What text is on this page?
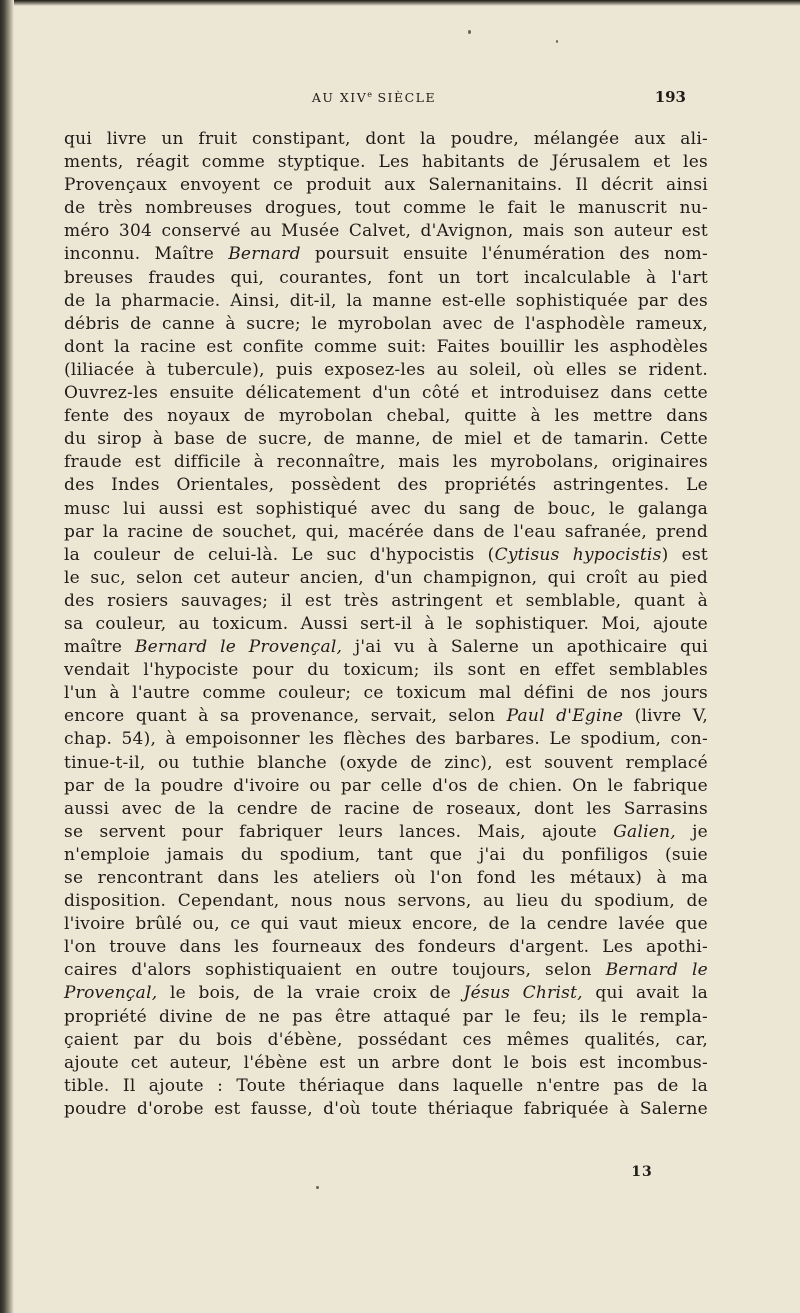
AU XIVe SIÈCLE	193
qui livre un fruit constipant, dont la poudre, mélangée aux ali-
ments, réagit comme styptique. Les habitants de Jérusalem et les
Provençaux envoyent ce produit aux Salernanitains. Il décrit ainsi
de très nombreuses drogues, tout comme le fait le manuscrit nu-
méro 304 conservé au Musée Calvet, d'Avignon, mais son auteur est
inconnu. Maître Bernard poursuit ensuite l'énumération des nom-
breuses fraudes qui, courantes, font un tort incalculable à l'art
de la pharmacie. Ainsi, dit-il, la manne est-elle sophistiquée par des
débris de canne à sucre; le myrobolan avec de l'asphodèle rameux,
dont la racine est confite comme suit: Faites bouillir les asphodèles
(liliacée à tubercule), puis exposez-les au soleil, où elles se rident.
Ouvrez-les ensuite délicatement d'un côté et introduisez dans cette
fente des noyaux de myrobolan chebal, quitte à les mettre dans
du sirop à base de sucre, de manne, de miel et de tamarin. Cette
fraude est difficile à reconnaître, mais les myrobolans, originaires
des Indes Orientales, possèdent des propriétés astringentes. Le
musc lui aussi est sophistiqué avec du sang de bouc, le galanga
par la racine de souchet, qui, macérée dans de l'eau safranée, prend
la couleur de celui-là. Le suc d'hypocistis (Cytisus hypocistis) est
le suc, selon cet auteur ancien, d'un champignon, qui croît au pied
des rosiers sauvages; il est très astringent et semblable, quant à
sa couleur, au toxicum. Aussi sert-il à le sophistiquer. Moi, ajoute
maître Bernard le Provençal, j'ai vu à Salerne un apothicaire qui
vendait l'hypociste pour du toxicum; ils sont en effet semblables
l'un à l'autre comme couleur; ce toxicum mal défini de nos jours
encore quant à sa provenance, servait, selon Paul d'Egine (livre V,
chap. 54), à empoisonner les flèches des barbares. Le spodium, con-
tinue-t-il, ou tuthie blanche (oxyde de zinc), est souvent remplacé
par de la poudre d'ivoire ou par celle d'os de chien. On le fabrique
aussi avec de la cendre de racine de roseaux, dont les Sarrasins
se servent pour fabriquer leurs lances. Mais, ajoute Galien, je
n'emploie jamais du spodium, tant que j'ai du ponfiligos (suie
se rencontrant dans les ateliers où l'on fond les métaux) à ma
disposition. Cependant, nous nous servons, au lieu du spodium, de
l'ivoire brûlé ou, ce qui vaut mieux encore, de la cendre lavée que
l'on trouve dans les fourneaux des fondeurs d'argent. Les apothi-
caires d'alors sophistiquaient en outre toujours, selon Bernard le
Provençal, le bois, de la vraie croix de Jésus Christ, qui avait la
propriété divine de ne pas être attaqué par le feu; ils le rempla-
çaient par du bois d'ébène, possédant ces mêmes qualités, car,
ajoute cet auteur, l'ébène est un arbre dont le bois est incombus-
tible. Il ajoute : Toute thériaque dans laquelle n'entre pas de la
poudre d'orobe est fausse, d'où toute thériaque fabriquée à Salerne
13
